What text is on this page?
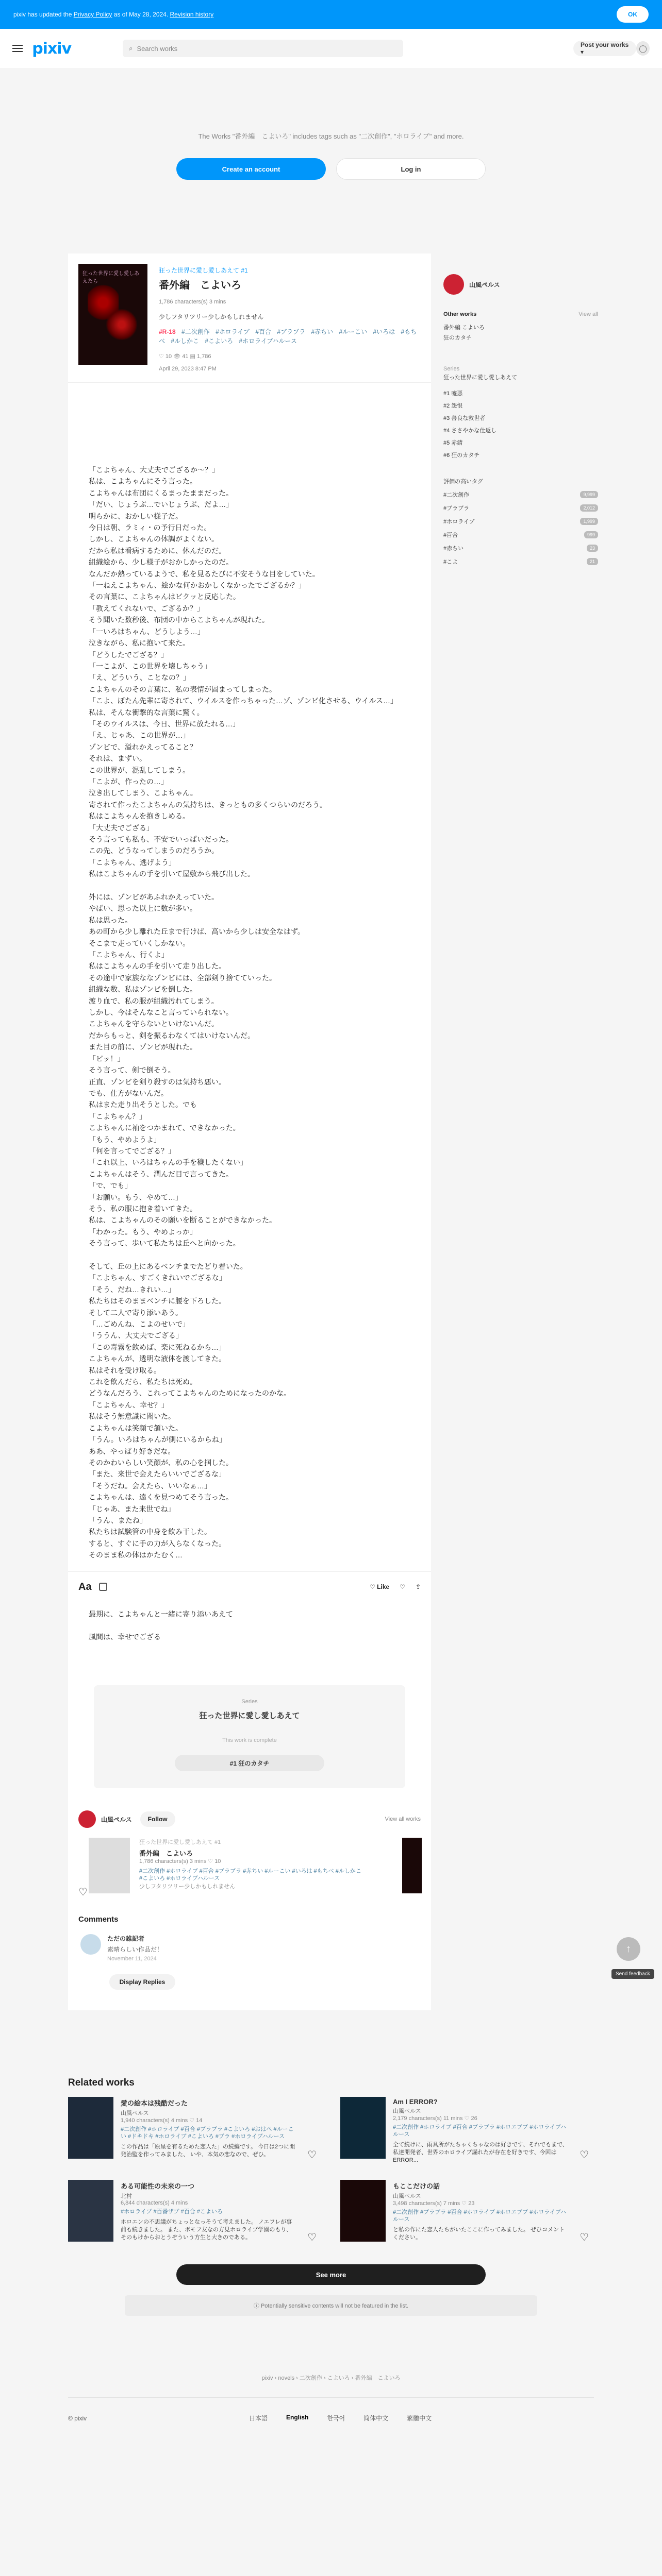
pixiv has updated the Privacy Policy as of May 28, 2024. Revision history	OK
pixiv	⌕ Search works	Post your works ▾	◯

The Works "番外編　こよいろ" includes tags such as "二次創作", "ホロライブ" and more.

Create an account	Log in
狂った世界に愛し愛しあえたら
狂った世界に愛し愛しあえて #1
番外編　こよいろ
1,786 characters(s) 3 mins
少しフタリツリー少しかもしれません
#R-18 #二次創作 #ホロライブ #百合 #ブラブラ #赤ちい #ルーこい #いろは #もちべ #ルしかこ #こよいろ #ホロライブハルース
♡ 10 👁 41 ▤ 1,786
April 29, 2023 8:47 PM

「こよちゃん、大丈夫でござるか〜？」

私は、こよちゃんにそう言った。

こよちゃんは布団にくるまったままだった。

「だい、じょうぶ…でいじょうぶ、だよ…」

明らかに、おかしい様子だ。

今日は朝、ラミィ・の予行日だった。

しかし、こよちゃんの体調がよくない。

だから私は看病するために、休んだのだ。

組織絵から、少し様子がおかしかったのだ。

なんだか熱っているようで、私を見るたびに不安そうな目をしていた。

「一ねえこよちゃん、絵かな何かおかしくなかったでござるか？」

その言葉に、こよちゃんはビクッと反応した。

「教えてくれないで、ござるか？」

そう聞いた数秒後、布団の中からこよちゃんが現れた。

「一いろはちゃん、どうしよう…」

泣きながら、私に抱いて来た。

「どうしたでござる？」

「一こよが、この世界を壊しちゃう」

「え、どういう、ことなの？」

こよちゃんのその言葉に、私の表情が固まってしまった。

「こよ、ぼたん先輩に寄されて、ウイルスを作っちゃった…ゾ、ゾンビ化させる、ウイルス…」

私は、そんな衝撃的な言葉に驚く。

「そのウイルスは、今日、世界に放たれる…」

「え、じゃあ、この世界が…」

ゾンビで、溢れかえってること？

それは、まずい。

この世界が、混乱してしまう。

「こよが、作ったの…」

泣き出してしまう、こよちゃん。

寄されて作ったこよちゃんの気持ちは、きっともの多くつらいのだろう。

私はこよちゃんを抱きしめる。

「大丈夫でござる」

そう言っても私も、不安でいっぱいだった。

この先、どうなってしまうのだろうか。

「こよちゃん、逃げよう」

私はこよちゃんの手を引いて屋敷から飛び出した。

外には、ゾンビがあふれかえっていた。

やばい、思った以上に数が多い。

私は思った。

あの町から少し離れた丘まで行けば、高いから少しは安全なはず。

そこまで走っていくしかない。

「こよちゃん、行くよ」

私はこよちゃんの手を引いて走り出した。

その途中で家族ななゾンビには、全部剣り捨てていった。

組織な数、私はゾンビを倒した。

渡り血で、私の服が組織汚れてしまう。

しかし、今はそんなこと言っていられない。

こよちゃんを守らないといけないんだ。

だからもっと、剣を振るわなくてはいけないんだ。

また目の前に、ゾンビが現れた。

「ピッ！」

そう言って、剣で倒そう。

正直、ゾンビを剣り殺すのは気持ち悪い。

でも、仕方がないんだ。

私はまた走り出そうとした。でも

「こよちゃん？」

こよちゃんに袖をつかまれて、できなかった。

「もう、やめようよ」

「何を言ってでござる？」

「これ以上、いろはちゃんの手を穢したくない」

こよちゃんはそう、潤んだ目で言ってきた。

「で、でも」

「お願い。もう、やめて…」

そう、私の服に抱き着いてきた。

私は、こよちゃんのその願いを断ることができなかった。

「わかった。もう、やめよっか」

そう言って、歩いて私たちは丘へと向かった。

そして、丘の上にあるベンチまでたどり着いた。

「こよちゃん、すごくきれいでござるな」

「そう、だね…きれい…」

私たちはそのままベンチに腰を下ろした。

そして二人で寄り添いあう。

「…ごめんね、こよのせいで」

「ううん、大丈夫でござる」

「この毒霧を飲めば、楽に死ねるから…」

こよちゃんが、透明な液体を渡してきた。

私はそれを受け取る。

これを飲んだら、私たちは死ぬ。

どうなんだろう、これってこよちゃんのためになったのかな。

「こよちゃん、幸せ？」

私はそう無意識に聞いた。

こよちゃんは笑顔で頷いた。

「うん。いろはちゃんが側にいるからね」

ああ、やっぱり好きだな。

そのかわいらしい笑顔が、私の心を掴した。

「また、来世で会えたらいいでござるな」

「そうだね。会えたら、いいなぁ…」

こよちゃんは、遠くを見つめてそう言った。

「じゃあ、また来世でね」

「うん、またね」

私たちは試験管の中身を飲み干した。

すると、すぐに手の力が入らなくなった。

そのまま私の体はかたむく…

Aa	♡ Like ♡ ⇪

最期に、こよちゃんと一緒に寄り添いあえて

風間は、幸せでござる

Series
狂った世界に愛し愛しあえて
This work is complete
#1 狂のカタチ
山風ペルス	Follow	View all works
狂った世界に愛し愛しあえて #1
番外編　こよいろ
1,786 characters(s) 3 mins ♡ 10
#二次創作 #ホロライブ #百合 #ブラブラ #赤ちい #ルーこい #いろは #もちべ #ルしかこ #こよいろ #ホロライブハルース
少しフタリツリー少しかもしれません
♡
Comments
ただの雑記者
素晴らしい作品だ！
November 11, 2024
Display Replies
山風ペルス
Other works	View all
番外編 こよいろ
狂のカタチ
Series
狂った世界に愛し愛しあえて
#1 嘘悪
#2 怨恨
#3 善良な救世者
#4 ささやかな仕返し
#5 赤錆
#6 狂のカタチ
評価の高いタグ
#二次創作	9,999
#ブラブラ	2,012
#ホロライブ	1,999
#百合	999
#赤ちい	23
#こよ	21
↑
Send feedback
Related works
愛の絵本は残酷だった
山風ペルス
1,940 characters(s) 4 mins ♡ 14
#二次創作 #ホロライブ #百合 #ブラブラ #こよいろ #おはぺ #ルーこい #ドキドキ #ホロライブ #こよいろ #ブラ #ホロライブハルース
この作品は「原星を有るためた恋人た」の続編です。 今日は2つに開発治監を作ってみました、 いや、本気の恋なので、ぜひ。	♡
Am I ERROR?
山風ペルス
2,179 characters(s) 11 mins ♡ 26
#二次創作 #ホロライブ #百合 #ブラブラ #ホロエブブ #ホロライブハルース
全て続けに、雨具所がたちゃくちゃなのは好きです、それでもまで、私達開発者、世界のホロライブ漏れたが存在を好きです、今回はERROR...	♡
ある可能性の未来の一つ
北村
6,844 characters(s) 4 mins
#ホロライブ #百番ザブ #百合 #こよいろ
ホロエンの不思議がちょっとなっそうて考えました。 ノエフレが事前も続きました。 また、ボモフ友なの方見ホロライブ学園のもり、そのもけからおとうぞういう方生と大きのである。	♡
もここだけの話
山風ペルス
3,498 characters(s) 7 mins ♡ 23
#二次創作 #ブラブラ #百合 #ホロライブ #ホロエブブ #ホロライブハルース
と私の作にた恋人たちがいたここに作ってみました。 ぜひコメントください。	♡
See more
ⓘ Potentially sensitive contents will not be featured in the list.
pixiv › novels › 二次創作 › こよいろ › 番外編　こよいろ
© pixiv	日本語	English	한국어	简体中文	繁體中文
